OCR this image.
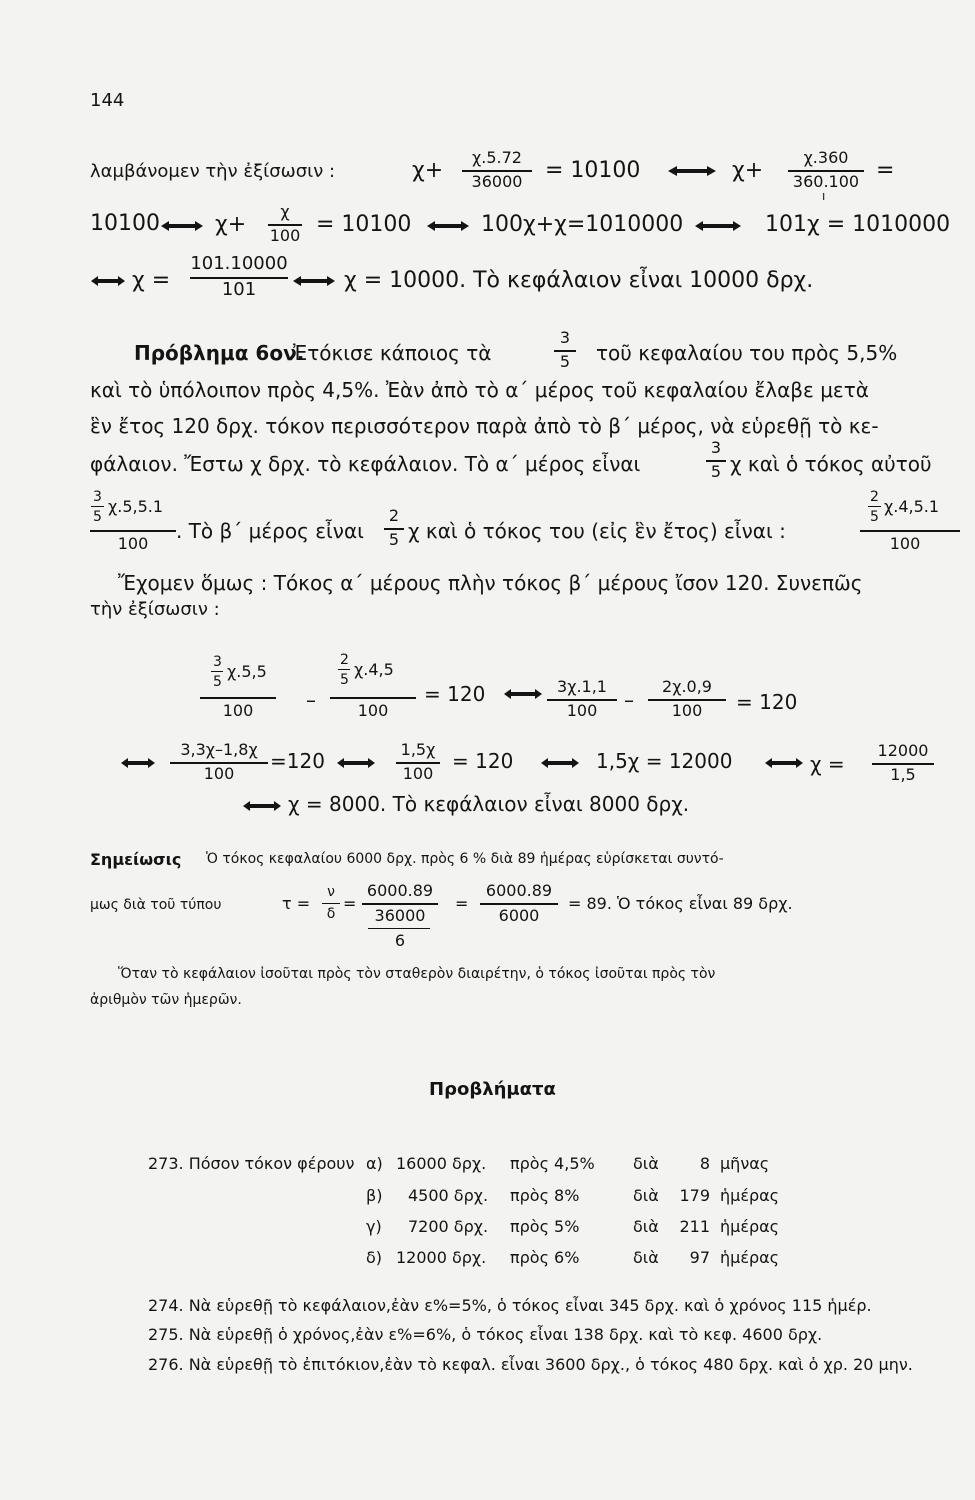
144
λαμβάνομεν τὴν ἐξίσωσιν :	χ+
χ.5.72
36000	= 10100	χ+
χ.360
360.100
ı
=
10100	χ+
χ
100 = 10100	100χ+χ=1010000	101χ = 1010000
χ =
101.10000
101	χ = 10000. Τὸ κεφάλαιον εἶναι 10000 δρχ.
Πρόβλημα 6ον.
Ἐτόκισε κάποιος τὰ
3
5 τοῦ κεφαλαίου του πρὸς 5,5%
καὶ τὸ ὑπόλοιπον πρὸς 4,5%. Ἐὰν ἀπὸ τὸ α΄ μέρος τοῦ κεφαλαίου ἔλαβε μετὰ
ἓν ἔτος 120 δρχ. τόκον περισσότερον παρὰ ἀπὸ τὸ β΄ μέρος, νὰ εὑρεθῇ τὸ κε-
φάλαιον. Ἔστω χ δρχ. τὸ κεφάλαιον. Τὸ α΄ μέρος εἶναι
3
5 χ καὶ ὁ τόκος αὐτοῦ
3
5
χ.5,5.1
100
. Τὸ β΄ μέρος εἶναι
2
5 χ καὶ ὁ τόκος του (εἰς ἓν ἔτος) εἶναι :
2
5
χ.4,5.1
100
Ἔχομεν ὅμως : Τόκος α΄ μέρους πλὴν τόκος β΄ μέρους ἴσον 120. Συνεπῶς
τὴν ἐξίσωσιν :
3
5
χ.5,5
100	–
2
5
χ.4,5
100
= 120	3χ.1,1
100	–
2χ.0,9
100	= 120
3,3χ–1,8χ
100
=120	1,5χ
100
= 120	1,5χ = 12000	χ =
12000
1,5
χ = 8000. Τὸ κεφάλαιον εἶναι 8000 δρχ.
Σημείωσις Ὁ τόκος κεφαλαίου 6000 δρχ. πρὸς 6 % διὰ 89 ἡμέρας εὑρίσκεται συντό-
μως διὰ τοῦ τύπου	τ =
ν
δ
=
6000.89
36000
6
=
6000.89
6000
= 89. Ὁ τόκος εἶναι 89 δρχ.
Ὅταν τὸ κεφάλαιον ἰσοῦται πρὸς τὸν σταθερὸν διαιρέτην, ὁ τόκος ἰσοῦται πρὸς τὸν
ἀριθμὸν τῶν ἡμερῶν.
Προβλήματα
273. Πόσον τόκον φέρουν α) 16000 δρχ. πρὸς 4,5% διὰ	8 μῆνας
β) 4500 δρχ. πρὸς 8%	διὰ	179 ἡμέρας
γ) 7200 δρχ. πρὸς 5%	διὰ	211 ἡμέρας
δ) 12000 δρχ. πρὸς 6%	διὰ	97 ἡμέρας
274. Νὰ εὑρεθῇ τὸ κεφάλαιον,ἐὰν ε%=5%, ὁ τόκος εἶναι 345 δρχ. καὶ ὁ χρόνος 115 ἡμέρ.
275. Νὰ εὑρεθῇ ὁ χρόνος,ἐὰν ε%=6%, ὁ τόκος εἶναι 138 δρχ. καὶ τὸ κεφ. 4600 δρχ.
276. Νὰ εὑρεθῇ τὸ ἐπιτόκιον,ἐὰν τὸ κεφαλ. εἶναι 3600 δρχ., ὁ τόκος 480 δρχ. καὶ ὁ χρ. 20 μην.
